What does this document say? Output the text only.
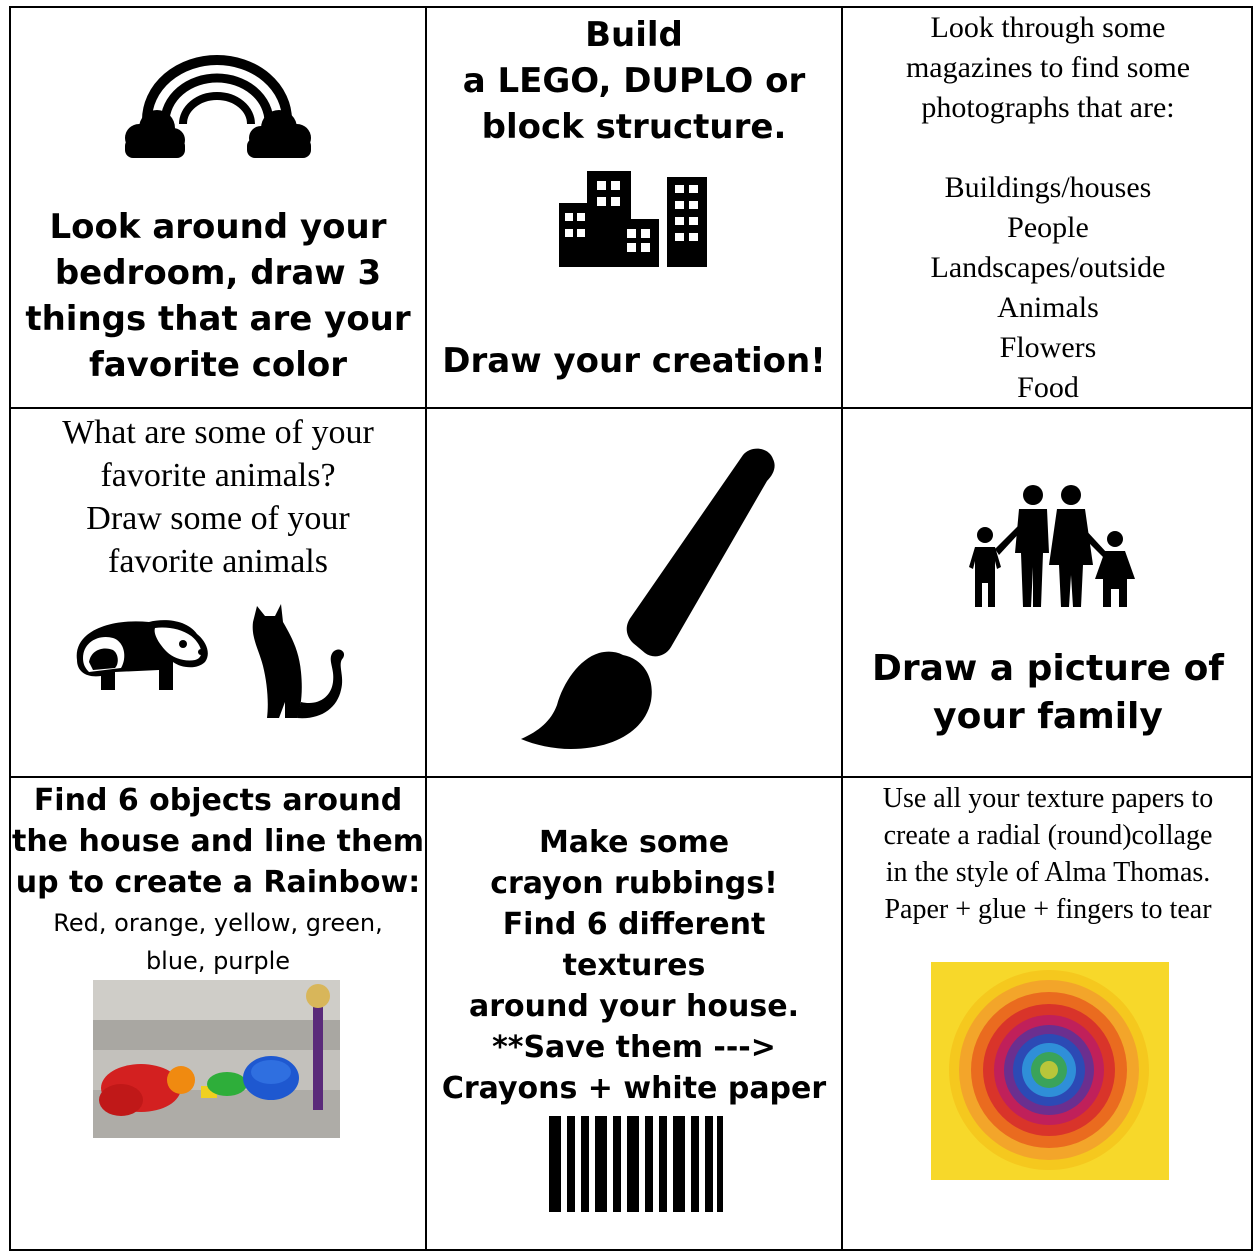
Look around your
bedroom, draw 3
things that are your
favorite color
Build
a LEGO, DUPLO or
block structure.
Draw your creation!
Look through some
magazines to find some
photographs that are:
Buildings/houses
People
Landscapes/outside
Animals
Flowers
Food
What are some of your
favorite animals?
Draw some of your
favorite animals
Draw a picture of
your family
Find 6 objects around
the house and line them
up to create a Rainbow:
Red, orange, yellow, green,
blue, purple
Make some
crayon rubbings!
Find 6 different textures
around your house.
**Save them --->
Crayons + white paper
Use all your texture papers to
create a radial (round)collage
in the style of Alma Thomas.
Paper + glue + fingers to tear
